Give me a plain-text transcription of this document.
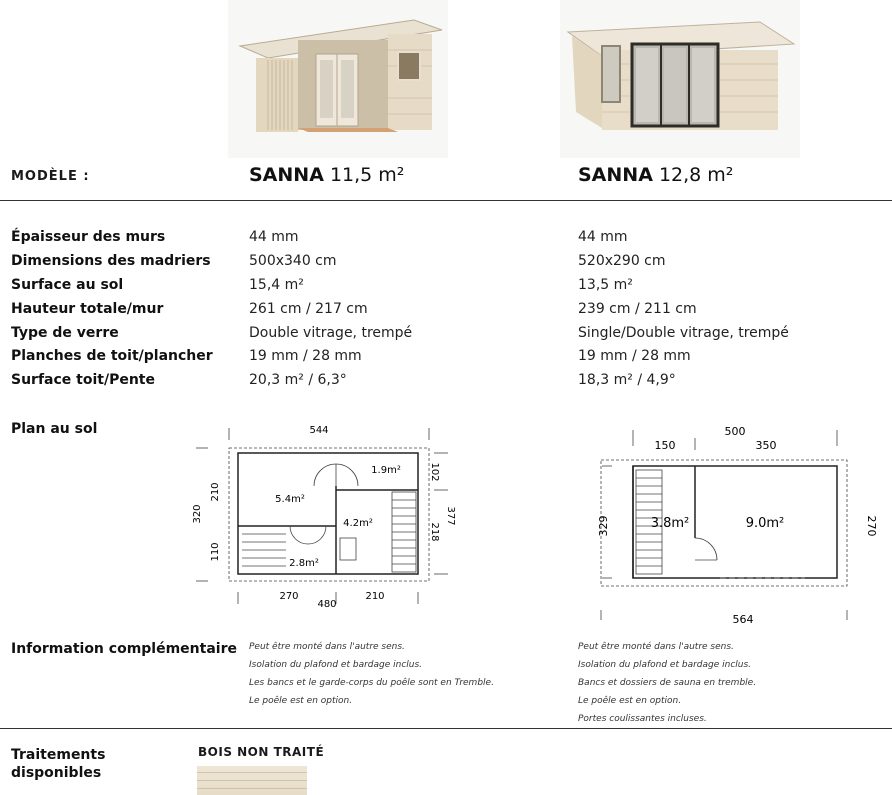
MODÈLE :	SANNA 11,5 m²	SANNA 12,8 m²
Épaisseur des murs	44 mm	44 mm
Dimensions des madriers	500x340 cm	520x290 cm
Surface au sol	15,4 m²	13,5 m²
Hauteur totale/mur	261 cm / 217 cm	239 cm / 211 cm
Type de verre	Double vitrage, trempé	Single/Double vitrage, trempé
Planches de toit/plancher	19 mm / 28 mm	19 mm / 28 mm
Surface toit/Pente	20,3 m² / 6,3°	18,3 m² / 4,9°
Plan au sol	544
270
480
210
320
210
110
102
218
377
5.4m²
1.9m²
4.2m²
2.8m²
500
150	350
564
329	270
3.8m²	9.0m²
Information complémentaire Peut être monté dans l'autre sens.
Isolation du plafond et bardage inclus.
Les bancs et le garde-corps du poêle sont en Tremble.
Le poêle est en option.
Peut être monté dans l'autre sens.
Isolation du plafond et bardage inclus.
Bancs et dossiers de sauna en tremble.
Le poêle est en option.
Portes coulissantes incluses.
Traitements
disponibles
BOIS NON TRAITÉ
